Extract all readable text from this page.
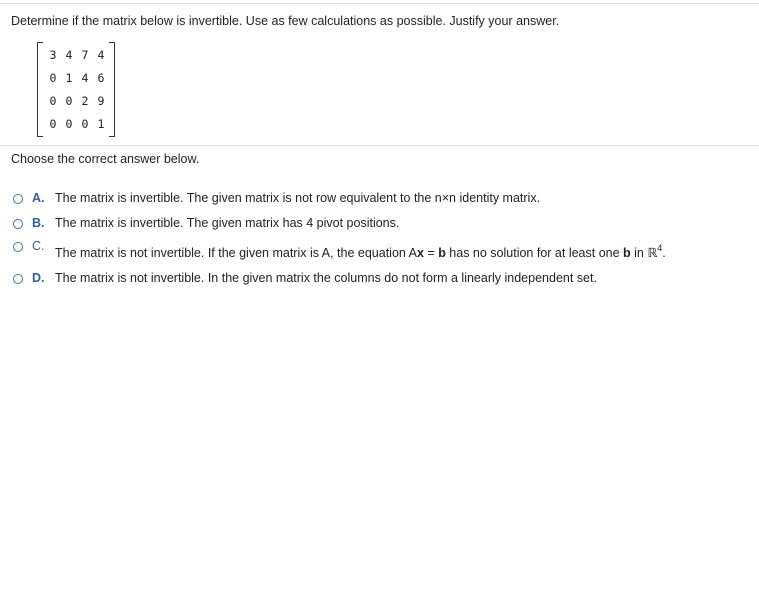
Determine if the matrix below is invertible. Use as few calculations as possible. Justify your answer.
3 4 7 4
0 1 4 6
0 0 2 9
0 0 0 1
Choose the correct answer below.
A. The matrix is invertible. The given matrix is not row equivalent to the n×n identity matrix.
B. The matrix is invertible. The given matrix has 4 pivot positions.
C. The matrix is not invertible. If the given matrix is A, the equation Ax = b has no solution for at least one b in ℝ$^4$.
D. The matrix is not invertible. In the given matrix the columns do not form a linearly independent set.
